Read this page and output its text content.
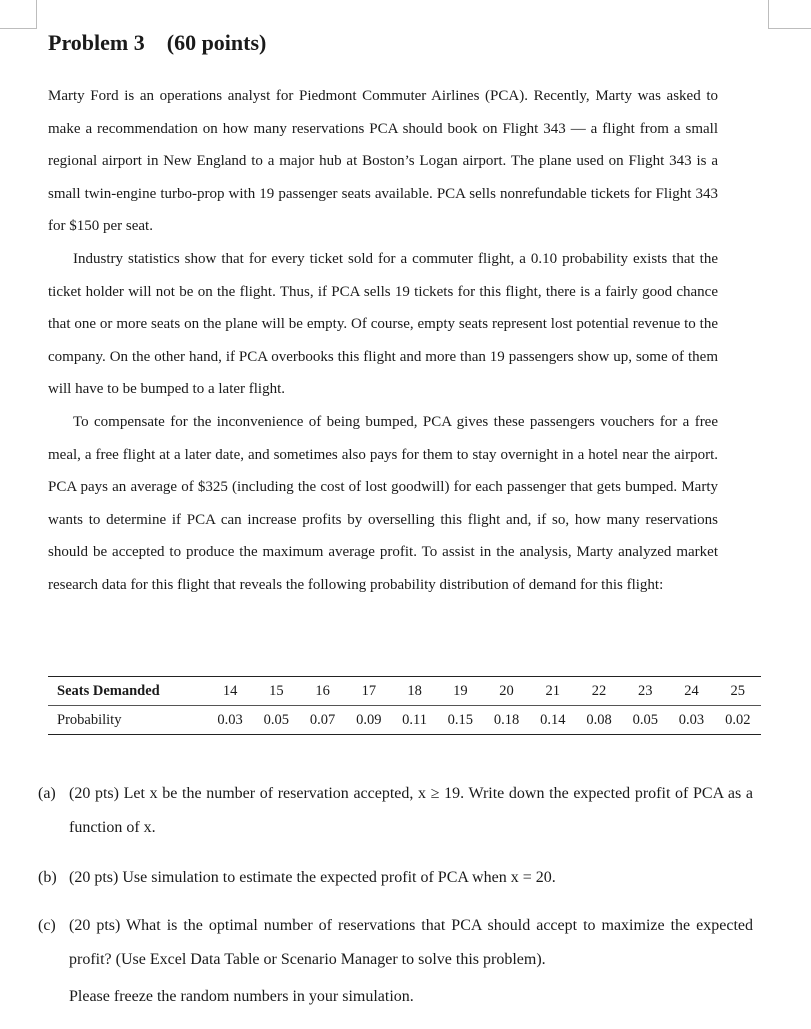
Problem 3 (60 points)

Marty Ford is an operations analyst for Piedmont Commuter Airlines (PCA). Recently, Marty was asked to make a recommendation on how many reservations PCA should book on Flight 343 — a flight from a small regional airport in New England to a major hub at Boston’s Logan airport. The plane used on Flight 343 is a small twin-engine turbo-prop with 19 passenger seats available. PCA sells nonrefundable tickets for Flight 343 for $150 per seat.

Industry statistics show that for every ticket sold for a commuter flight, a 0.10 probability exists that the ticket holder will not be on the flight. Thus, if PCA sells 19 tickets for this flight, there is a fairly good chance that one or more seats on the plane will be empty. Of course, empty seats represent lost potential revenue to the company. On the other hand, if PCA overbooks this flight and more than 19 passengers show up, some of them will have to be bumped to a later flight.

To compensate for the inconvenience of being bumped, PCA gives these passengers vouchers for a free meal, a free flight at a later date, and sometimes also pays for them to stay overnight in a hotel near the airport. PCA pays an average of $325 (including the cost of lost goodwill) for each passenger that gets bumped. Marty wants to determine if PCA can increase profits by overselling this flight and, if so, how many reservations should be accepted to produce the maximum average profit. To assist in the analysis, Marty analyzed market research data for this flight that reveals the following probability distribution of demand for this flight:

Seats Demanded	14	15	16	17	18	19	20	21	22	23	24	25
Probability	0.03	0.05	0.07	0.09	0.11	0.15	0.18	0.14	0.08	0.05	0.03	0.02
(a) (20 pts) Let x be the number of reservation accepted, x ≥ 19. Write down the expected profit of PCA as a function of x.
(b) (20 pts) Use simulation to estimate the expected profit of PCA when x = 20.
(c) (20 pts) What is the optimal number of reservations that PCA should accept to maximize the expected profit? (Use Excel Data Table or Scenario Manager to solve this problem).

Please freeze the random numbers in your simulation.
